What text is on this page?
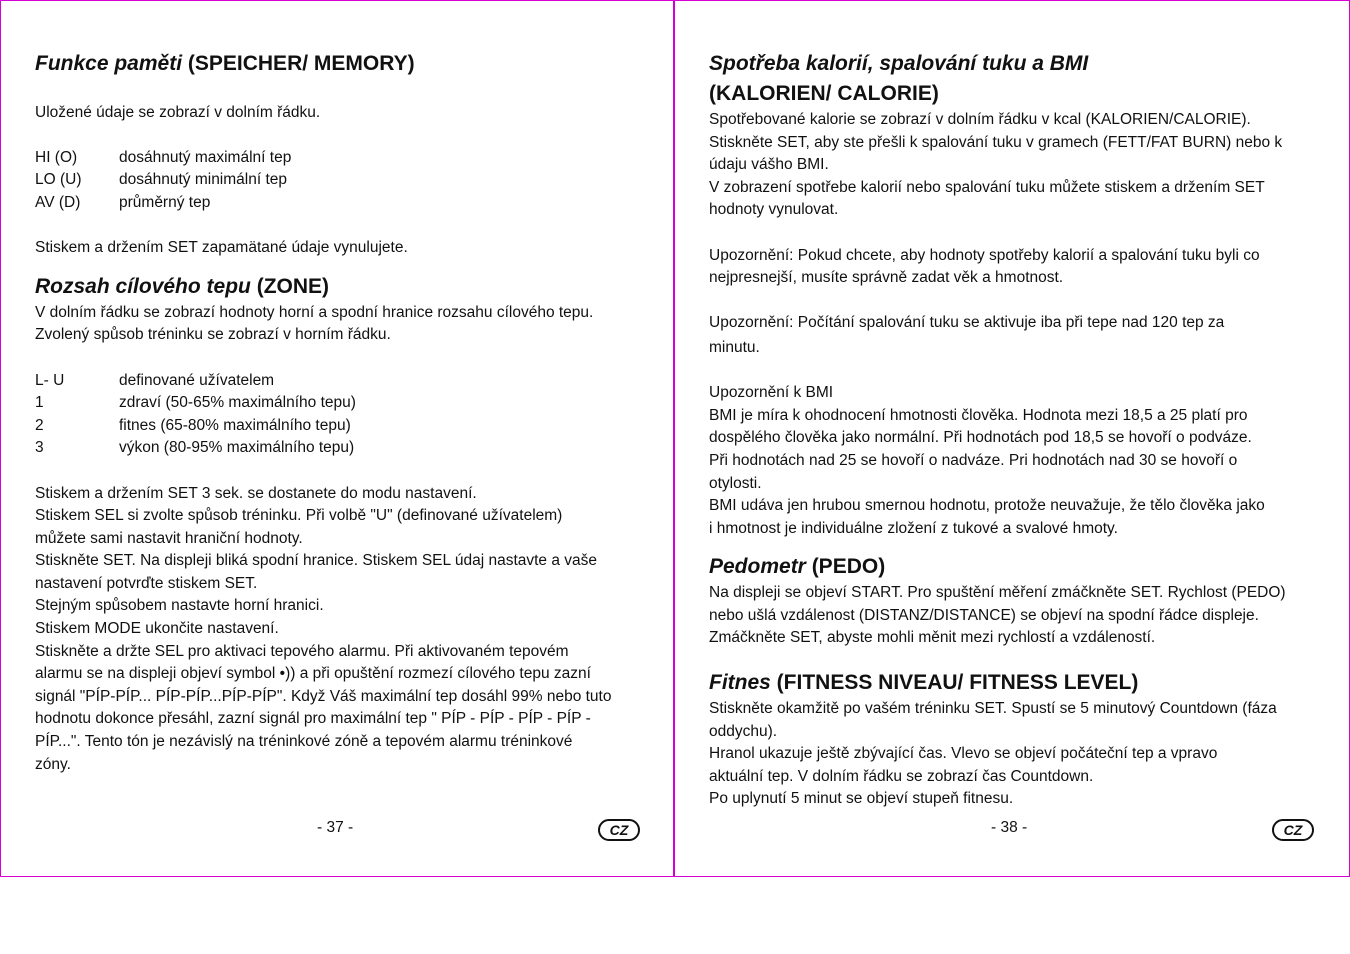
Funkce paměti (SPEICHER/ MEMORY)

Uložené údaje se zobrazí v dolním řádku.

HI (O)	dosáhnutý maximální tep
LO (U)	dosáhnutý minimální tep
AV (D)	průměrný tep

Stiskem a držením SET zapamätané údaje vynulujete.

Rozsah cílového tepu (ZONE)

V dolním řádku se zobrazí hodnoty horní a spodní hranice rozsahu cílového tepu.

Zvolený spůsob tréninku se zobrazí v horním řádku.

L- U	definované užívatelem
1	zdraví (50-65% maximálního tepu)
2	fitnes (65-80% maximálního tepu)
3	výkon (80-95% maximálního tepu)

Stiskem a držením SET 3 sek. se dostanete do modu nastavení.

Stiskem SEL si zvolte spůsob tréninku. Při volbě "U" (definované užívatelem)

můžete sami nastavit hraniční hodnoty.

Stiskněte SET. Na displeji bliká spodní hranice. Stiskem SEL údaj nastavte a vaše

nastavení potvrďte stiskem SET.

Stejným spůsobem nastavte horní hranici.

Stiskem MODE ukončite nastavení.

Stiskněte a držte SEL pro aktivaci tepového alarmu. Při aktivovaném tepovém

alarmu se na displeji objeví symbol •)) a při opuštění rozmezí cílového tepu zazní

signál "PÍP-PÍP... PÍP-PÍP...PÍP-PÍP". Když Váš maximální tep dosáhl 99% nebo tuto

hodnotu dokonce přesáhl, zazní signál pro maximální tep " PÍP - PÍP - PÍP - PÍP -

PÍP...". Tento tón je nezávislý na tréninkové zóně a tepovém alarmu tréninkové

zóny.

- 37 -	CZ
Spotřeba kalorií, spalování tuku a BMI
(KALORIEN/ CALORIE)

Spotřebované kalorie se zobrazí v dolním řádku v kcal (KALORIEN/CALORIE).

Stiskněte SET, aby ste přešli k spalování tuku v gramech (FETT/FAT BURN) nebo k

údaju vášho BMI.

V zobrazení spotřebe kalorií nebo spalování tuku můžete stiskem a držením SET

hodnoty vynulovat.

Upozornění: Pokud chcete, aby hodnoty spotřeby kalorií a spalování tuku byli co

nejpresnejší, musíte správně zadat věk a hmotnost.

Upozornění: Počítání spalování tuku se aktivuje iba při tepe nad 120 tep za

minutu.

Upozornění k BMI

BMI je míra k ohodnocení hmotnosti člověka. Hodnota mezi 18,5 a 25 platí pro

dospělého člověka jako normální. Při hodnotách pod 18,5 se hovoří o podváze.

Při hodnotách nad 25 se hovoří o nadváze. Pri hodnotách nad 30 se hovoří o

otylosti.

BMI udáva jen hrubou smernou hodnotu, protože neuvažuje, že tělo člověka jako

i hmotnost je individuálne zložení z tukové a svalové hmoty.

Pedometr (PEDO)

Na displeji se objeví START. Pro spuštění měření zmáčkněte SET. Rychlost (PEDO)

nebo ušlá vzdálenost (DISTANZ/DISTANCE) se objeví na spodní řádce displeje.

Zmáčkněte SET, abyste mohli měnit mezi rychlostí a vzdáleností.

Fitnes (FITNESS NIVEAU/ FITNESS LEVEL)

Stiskněte okamžitě po vašém tréninku SET. Spustí se 5 minutový Countdown (fáza

oddychu).

Hranol ukazuje ještě zbývající čas. Vlevo se objeví počáteční tep a vpravo

aktuální tep. V dolním řádku se zobrazí čas Countdown.

Po uplynutí 5 minut se objeví stupeň fitnesu.

- 38 -	CZ
